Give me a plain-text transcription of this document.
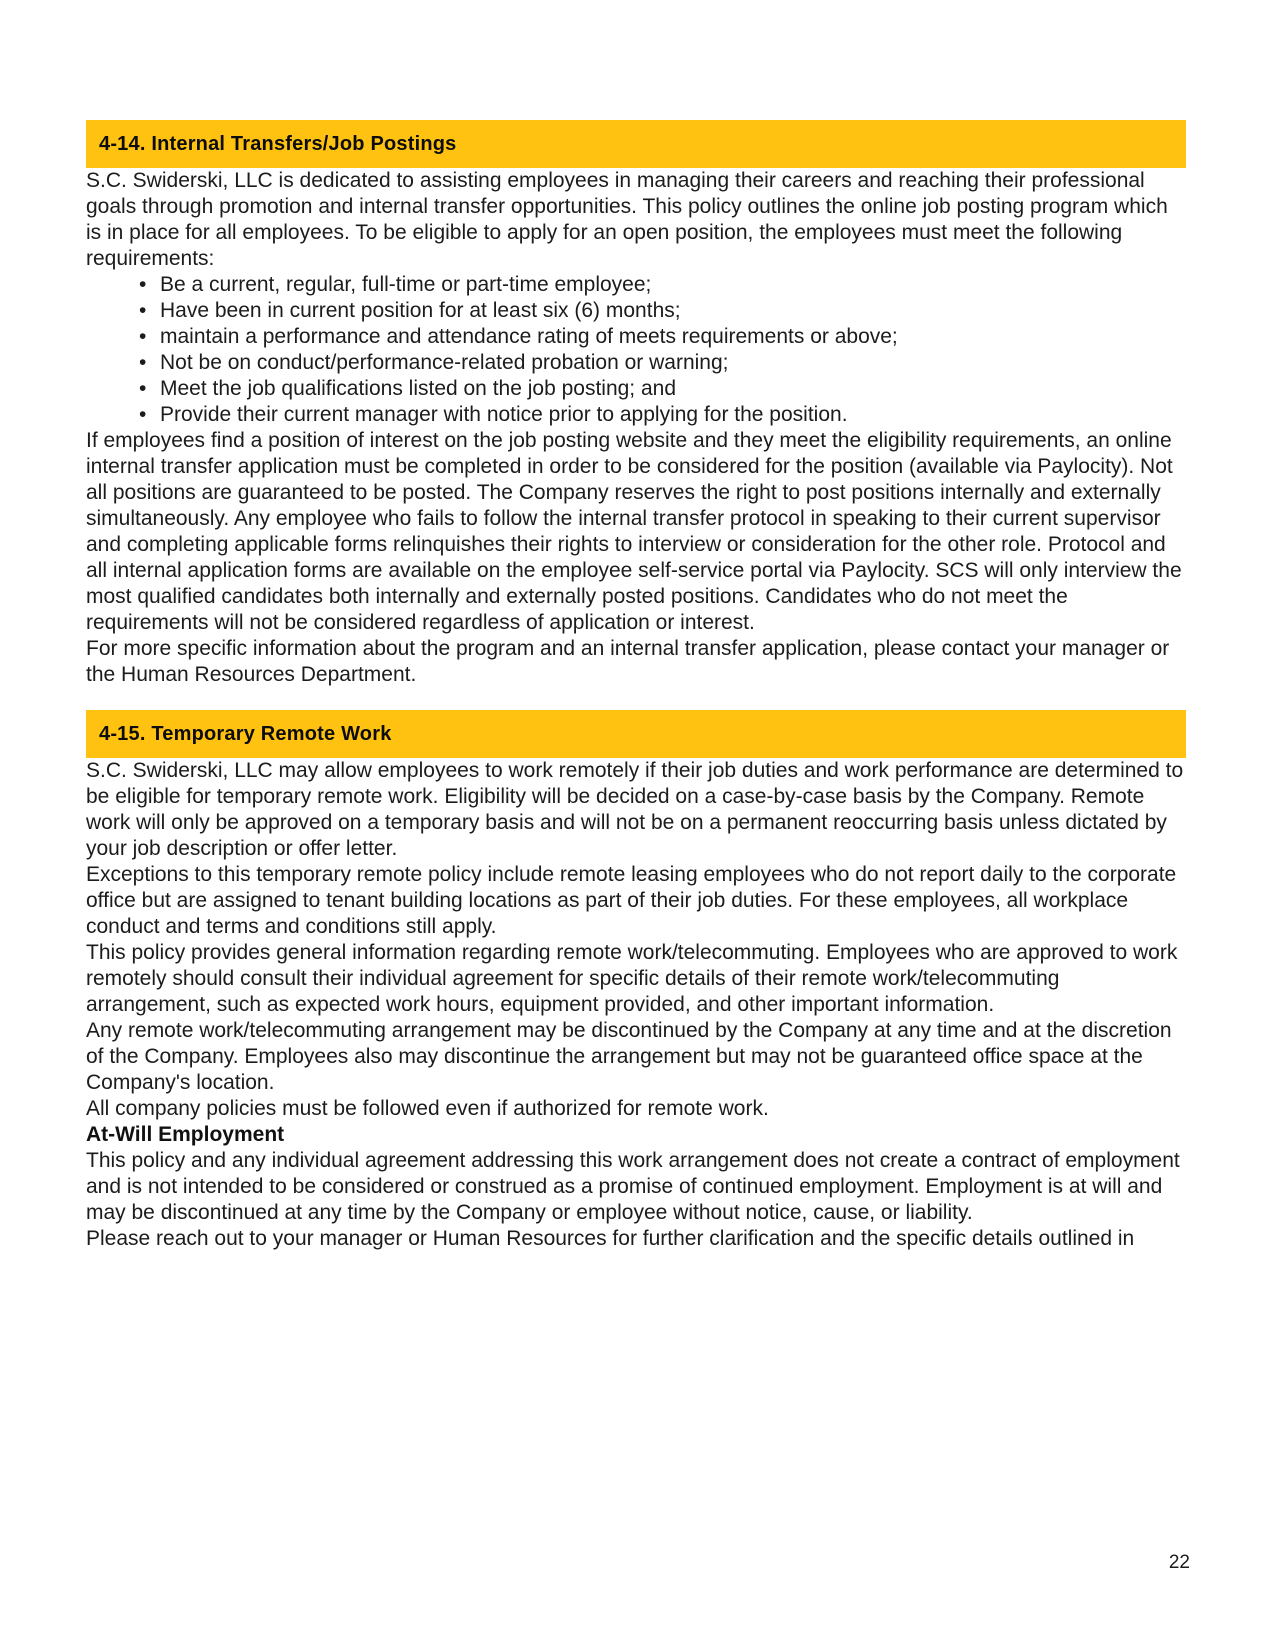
4-14. Internal Transfers/Job Postings

S.C. Swiderski, LLC is dedicated to assisting employees in managing their careers and reaching their professional goals through promotion and internal transfer opportunities. This policy outlines the online job posting program which is in place for all employees. To be eligible to apply for an open position, the employees must meet the following requirements:

• Be a current, regular, full-time or part-time employee;
• Have been in current position for at least six (6) months;
• maintain a performance and attendance rating of meets requirements or above;
• Not be on conduct/performance-related probation or warning;
• Meet the job qualifications listed on the job posting; and
• Provide their current manager with notice prior to applying for the position.

If employees find a position of interest on the job posting website and they meet the eligibility requirements, an online internal transfer application must be completed in order to be considered for the position (available via Paylocity). Not all positions are guaranteed to be posted. The Company reserves the right to post positions internally and externally simultaneously. Any employee who fails to follow the internal transfer protocol in speaking to their current supervisor and completing applicable forms relinquishes their rights to interview or consideration for the other role. Protocol and all internal application forms are available on the employee self-service portal via Paylocity. SCS will only interview the most qualified candidates both internally and externally posted positions. Candidates who do not meet the requirements will not be considered regardless of application or interest.

For more specific information about the program and an internal transfer application, please contact your manager or the Human Resources Department.

4-15. Temporary Remote Work

S.C. Swiderski, LLC may allow employees to work remotely if their job duties and work performance are determined to be eligible for temporary remote work. Eligibility will be decided on a case-by-case basis by the Company. Remote work will only be approved on a temporary basis and will not be on a permanent reoccurring basis unless dictated by your job description or offer letter.

Exceptions to this temporary remote policy include remote leasing employees who do not report daily to the corporate office but are assigned to tenant building locations as part of their job duties. For these employees, all workplace conduct and terms and conditions still apply.

This policy provides general information regarding remote work/telecommuting. Employees who are approved to work remotely should consult their individual agreement for specific details of their remote work/telecommuting arrangement, such as expected work hours, equipment provided, and other important information.

Any remote work/telecommuting arrangement may be discontinued by the Company at any time and at the discretion of the Company. Employees also may discontinue the arrangement but may not be guaranteed office space at the Company's location.

All company policies must be followed even if authorized for remote work.

At-Will Employment

This policy and any individual agreement addressing this work arrangement does not create a contract of employment and is not intended to be considered or construed as a promise of continued employment. Employment is at will and may be discontinued at any time by the Company or employee without notice, cause, or liability.

Please reach out to your manager or Human Resources for further clarification and the specific details outlined in

22
